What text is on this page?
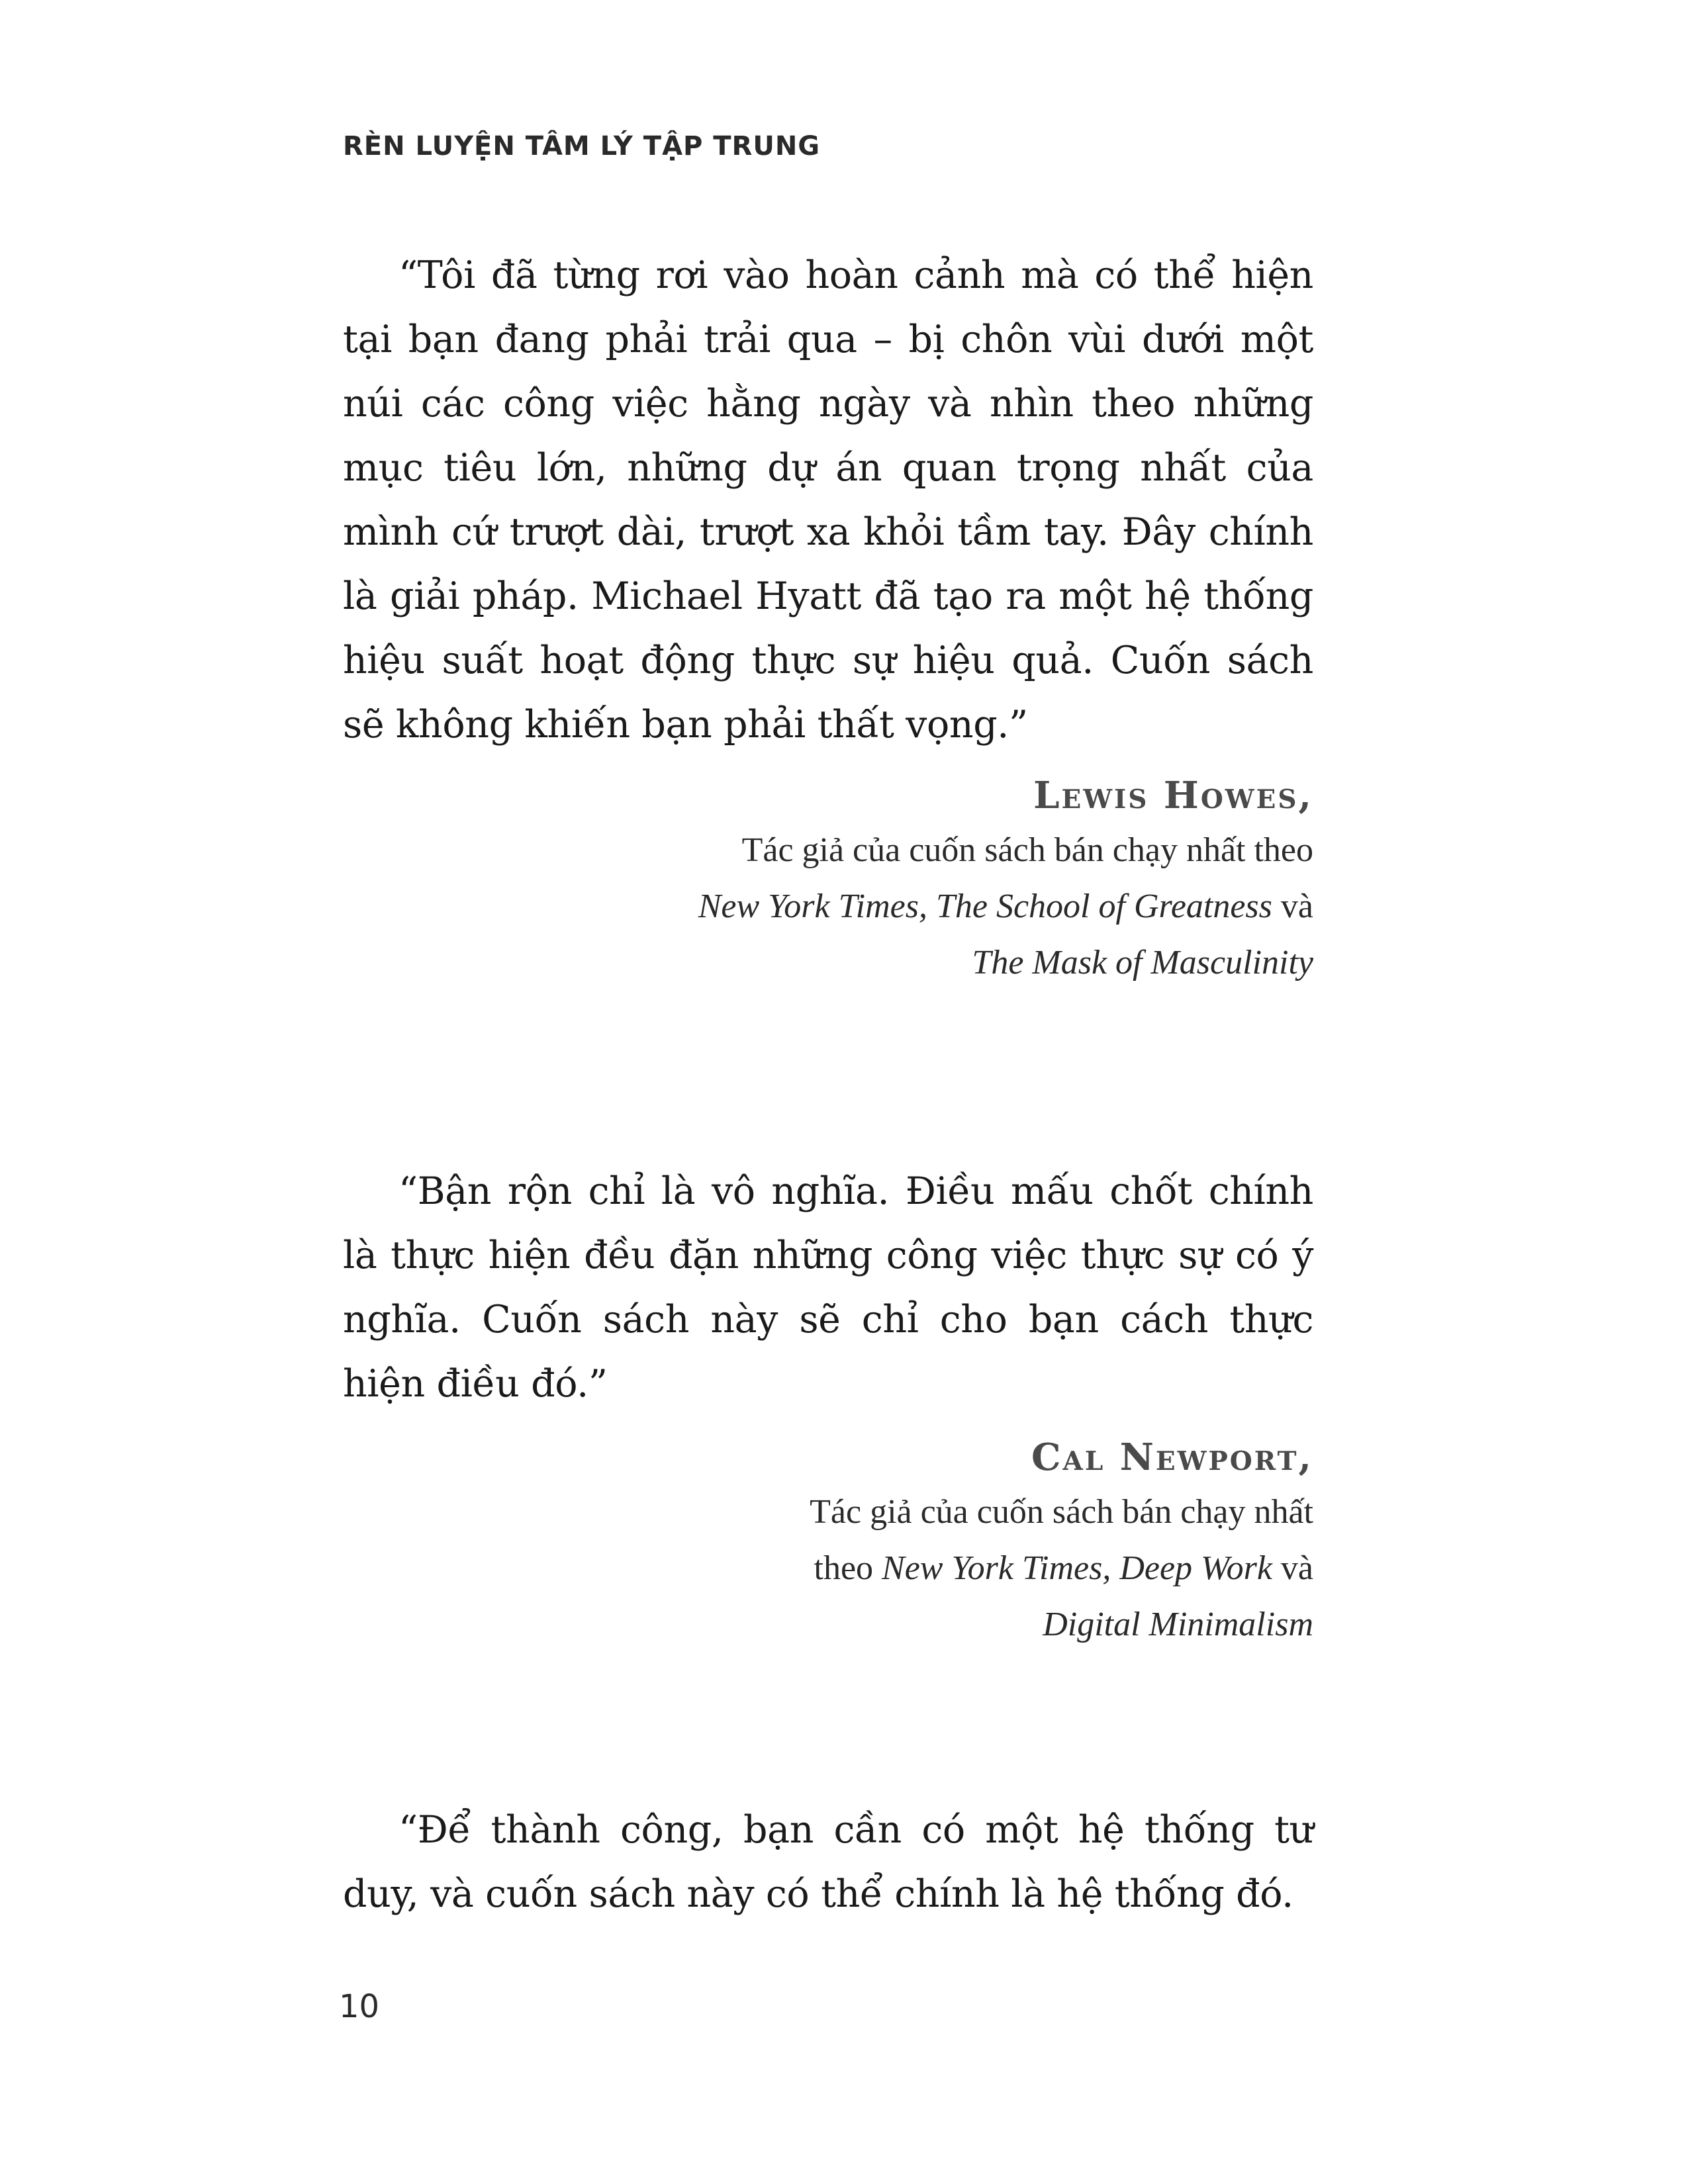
RÈN LUYỆN TÂM LÝ TẬP TRUNG

“Tôi đã từng rơi vào hoàn cảnh mà có thể hiện tại bạn đang phải trải qua – bị chôn vùi dưới một núi các công việc hằng ngày và nhìn theo những mục tiêu lớn, những dự án quan trọng nhất của mình cứ trượt dài, trượt xa khỏi tầm tay. Đây chính là giải pháp. Michael Hyatt đã tạo ra một hệ thống hiệu suất hoạt động thực sự hiệu quả. Cuốn sách sẽ không khiến bạn phải thất vọng.”

Lewis Howes,

Tác giả của cuốn sách bán chạy nhất theo
New York Times, The School of Greatness và
The Mask of Masculinity

“Bận rộn chỉ là vô nghĩa. Điều mấu chốt chính là thực hiện đều đặn những công việc thực sự có ý nghĩa. Cuốn sách này sẽ chỉ cho bạn cách thực hiện điều đó.”

Cal Newport,

Tác giả của cuốn sách bán chạy nhất
theo New York Times, Deep Work và
Digital Minimalism

“Để thành công, bạn cần có một hệ thống tư duy, và cuốn sách này có thể chính là hệ thống đó.

10
